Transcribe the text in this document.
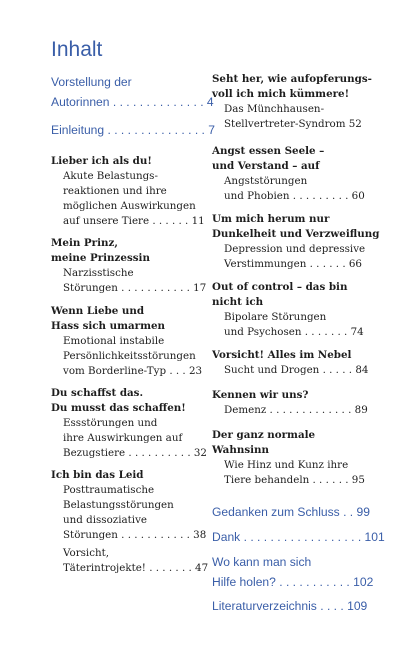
Inhalt
Vorstellung der
Autorinnen . . . . . . . . . . . . . . 4
Einleitung . . . . . . . . . . . . . . . 7
Lieber ich als du!
Akute Belastungs-
reaktionen und ihre
möglichen Auswirkungen
auf unsere Tiere . . . . . . 11
Mein Prinz,
meine Prinzessin
Narzisstische
Störungen . . . . . . . . . . . 17
Wenn Liebe und
Hass sich umarmen
Emotional instabile
Persönlichkeitsstörungen
vom Borderline-Typ . . . 23
Du schaffst das.
Du musst das schaffen!
Essstörungen und
ihre Auswirkungen auf
Bezugstiere . . . . . . . . . . 32
Ich bin das Leid
Posttraumatische
Belastungsstörungen
und dissoziative
Störungen . . . . . . . . . . . 38
Vorsicht,
Täterintrojekte! . . . . . . . 47
Seht her, wie aufopferungs-
voll ich mich kümmere!
Das Münchhausen-
Stellvertreter-Syndrom 52
Angst essen Seele –
und Verstand – auf
Angststörungen
und Phobien . . . . . . . . . 60
Um mich herum nur
Dunkelheit und Verzweiflung
Depression und depressive
Verstimmungen . . . . . . 66
Out of control – das bin
nicht ich
Bipolare Störungen
und Psychosen . . . . . . . 74
Vorsicht! Alles im Nebel
Sucht und Drogen . . . . . 84
Kennen wir uns?
Demenz . . . . . . . . . . . . . 89
Der ganz normale
Wahnsinn
Wie Hinz und Kunz ihre
Tiere behandeln . . . . . . 95
Gedanken zum Schluss . . 99
Dank . . . . . . . . . . . . . . . . . . 101
Wo kann man sich
Hilfe holen? . . . . . . . . . . . 102
Literaturverzeichnis . . . . 109
